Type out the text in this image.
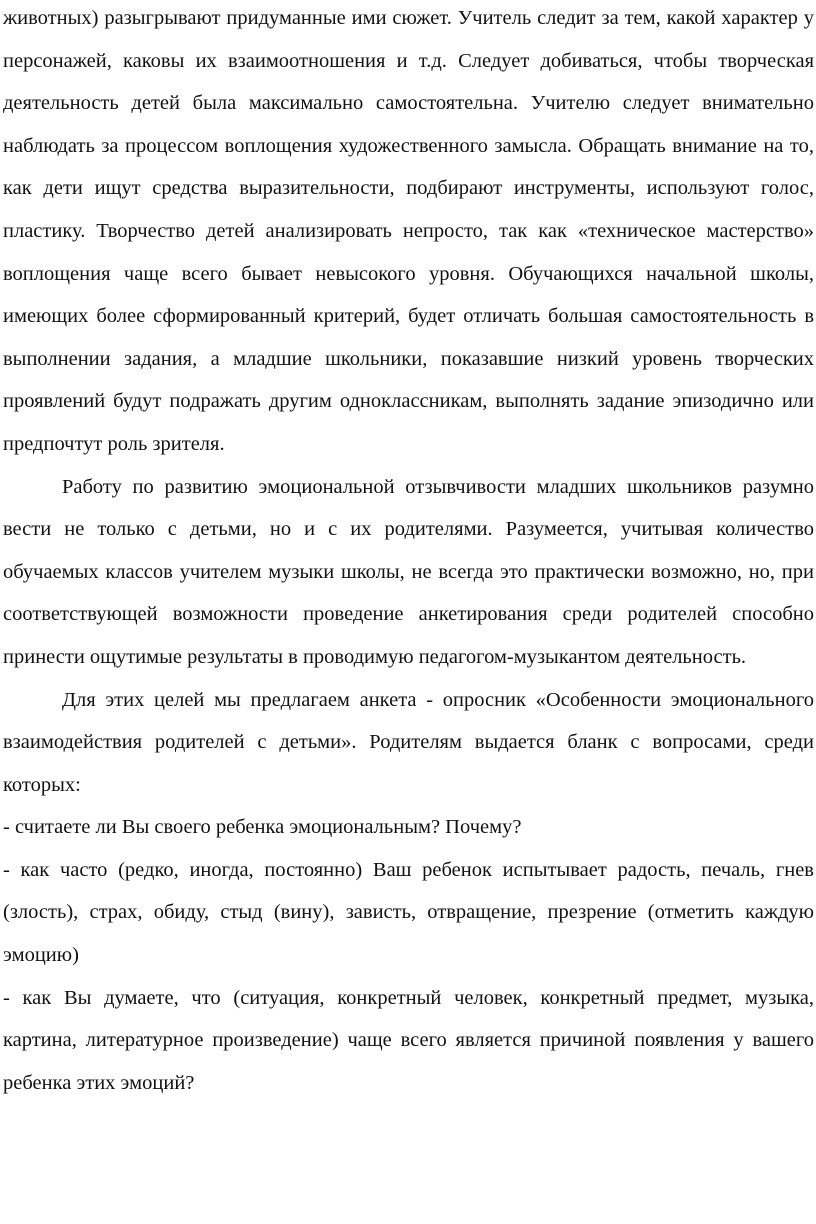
животных) разыгрывают придуманные ими сюжет. Учитель следит за тем, какой характер у персонажей, каковы их взаимоотношения и т.д. Следует добиваться, чтобы творческая деятельность детей была максимально самостоятельна. Учителю следует внимательно наблюдать за процессом воплощения художественного замысла. Обращать внимание на то, как дети ищут средства выразительности, подбирают инструменты, используют голос, пластику. Творчество детей анализировать непросто, так как «техническое мастерство» воплощения чаще всего бывает невысокого уровня. Обучающихся начальной школы, имеющих более сформированный критерий, будет отличать большая самостоятельность в выполнении задания, а младшие школьники, показавшие низкий уровень творческих проявлений будут подражать другим одноклассникам, выполнять задание эпизодично или предпочтут роль зрителя.

Работу по развитию эмоциональной отзывчивости младших школьников разумно вести не только с детьми, но и с их родителями. Разумеется, учитывая количество обучаемых классов учителем музыки школы, не всегда это практически возможно, но, при соответствующей возможности проведение анкетирования среди родителей способно принести ощутимые результаты в проводимую педагогом-музыкантом деятельность.

Для этих целей мы предлагаем анкета - опросник «Особенности эмоционального взаимодействия родителей с детьми». Родителям выдается бланк с вопросами, среди которых:

- считаете ли Вы своего ребенка эмоциональным? Почему?

- как часто (редко, иногда, постоянно) Ваш ребенок испытывает радость, печаль, гнев (злость), страх, обиду, стыд (вину), зависть, отвращение, презрение (отметить каждую эмоцию)

- как Вы думаете, что (ситуация, конкретный человек, конкретный предмет, музыка, картина, литературное произведение) чаще всего является причиной появления у вашего ребенка этих эмоций?
